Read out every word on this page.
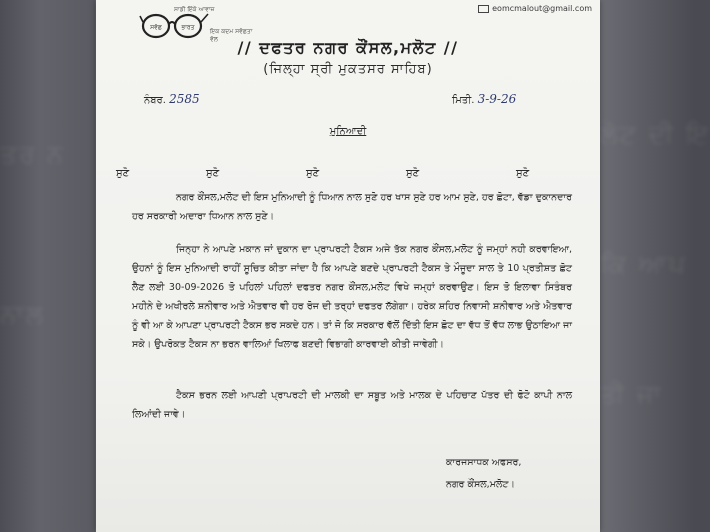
ਲੋਟ ਦੀ ਇ
ਕਿ ਆਪ
ਤੀ ਜਾ
ਤਰ ਨ
ਨਾਲ
ਸਵੱਛ	ਭਾਰਤ
ਸਾਡੀ ਇੱਕੋ ਆਵਾਜ਼
ਇਕ ਕਦਮ ਸਵੱਛਤਾ ਵੱਲ
eomcmalout@gmail.com
// ਦਫਤਰ ਨਗਰ ਕੌਂਸਲ,ਮਲੋਟ //
(ਜਿਲ੍ਹਾ ਸ੍ਰੀ ਮੁਕਤਸਰ ਸਾਹਿਬ)
ਨੰਬਰ. 2585	ਮਿਤੀ. 3-9-26
ਮੁਨਿਆਦੀ
ਸੁਣੋ	ਸੁਣੋ	ਸੁਣੋ	ਸੁਣੋ	ਸੁਣੋ

ਨਗਰ ਕੌਂਸਲ,ਮਲੋਟ ਦੀ ਇਸ ਮੁਨਿਆਦੀ ਨੂੰ ਧਿਆਨ ਨਾਲ ਸੁਣੋ ਹਰ ਖਾਸ ਸੁਣੇ ਹਰ ਆਮ ਸੁਣੇ, ਹਰ ਛੋਟਾ, ਵੱਡਾ ਦੁਕਾਨਦਾਰ ਹਰ ਸਰਕਾਰੀ ਅਦਾਰਾ ਧਿਆਨ ਨਾਲ ਸੁਣੇ।

ਜਿਨ੍ਹਾ ਨੇ ਆਪਣੇ ਮਕਾਨ ਜਾਂ ਦੁਕਾਨ ਦਾ ਪ੍ਰਾਪਰਟੀ ਟੈਕਸ ਅਜੇ ਤੱਕ ਨਗਰ ਕੌਂਸਲ,ਮਲੋਟ ਨੂੰ ਜਮ੍ਹਾਂ ਨਹੀ ਕਰਵਾਇਆ, ਉਹਨਾਂ ਨੂੰ ਇਸ ਮੁਨਿਆਦੀ ਰਾਹੀਂ ਸੂਚਿਤ ਕੀਤਾ ਜਾਂਦਾ ਹੈ ਕਿ ਆਪਣੇ ਬਣਦੇ ਪ੍ਰਾਪਰਟੀ ਟੈਕਸ ਤੇ ਮੌਜੂਦਾ ਸਾਲ ਤੇ 10 ਪ੍ਰਤੀਸ਼ਤ ਛੋਟ ਲੈਣ ਲਈ 30-09-2026 ਤੋ ਪਹਿਲਾਂ ਪਹਿਲਾਂ ਦਫਤਰ ਨਗਰ ਕੌਂਸਲ,ਮਲੋਟ ਵਿਖੇ ਜਮ੍ਹਾਂ ਕਰਵਾਉਣ। ਇਸ ਤੋ ਇਲਾਵਾ ਸਿਤੰਬਰ ਮਹੀਨੇ ਦੇ ਅਖੀਰਲੇ ਸ਼ਨੀਵਾਰ ਅਤੇ ਐਤਵਾਰ ਵੀ ਹਰ ਰੋਜ ਦੀ ਤਰ੍ਹਾਂ ਦਫਤਰ ਲੱਗੇਗਾ। ਹਰੇਕ ਸ਼ਹਿਰ ਨਿਵਾਸੀ ਸ਼ਨੀਵਾਰ ਅਤੇ ਐਤਵਾਰ ਨੂੰ ਵੀ ਆ ਕੇ ਆਪਣਾ ਪ੍ਰਾਪਰਟੀ ਟੈਕਸ ਭਰ ਸਕਦੇ ਹਨ। ਤਾਂ ਜੋ ਕਿ ਸਰਕਾਰ ਵੱਲੋਂ ਦਿੱਤੀ ਇਸ ਛੋਟ ਦਾ ਵੱਧ ਤੋਂ ਵੱਧ ਲਾਭ ਉਠਾਇਆ ਜਾ ਸਕੇ। ਉਪਰੋਕਤ ਟੈਕਸ ਨਾ ਭਰਨ ਵਾਲਿਆਂ ਖਿਲਾਫ ਬਣਦੀ ਵਿਭਾਗੀ ਕਾਰਵਾਈ ਕੀਤੀ ਜਾਵੇਗੀ।

ਟੈਕਸ ਭਰਨ ਲਈ ਆਪਣੀ ਪ੍ਰਾਪਰਟੀ ਦੀ ਮਾਲਕੀ ਦਾ ਸਬੂਤ ਅਤੇ ਮਾਲਕ ਦੇ ਪਹਿਚਾਣ ਪੱਤਰ ਦੀ ਫੋਟੋ ਕਾਪੀ ਨਾਲ ਲਿਆਂਦੀ ਜਾਵੇ।

ਕਾਰਜਸਾਧਕ ਅਫਸਰ,
ਨਗਰ ਕੌਂਸਲ,ਮਲੋਟ।
